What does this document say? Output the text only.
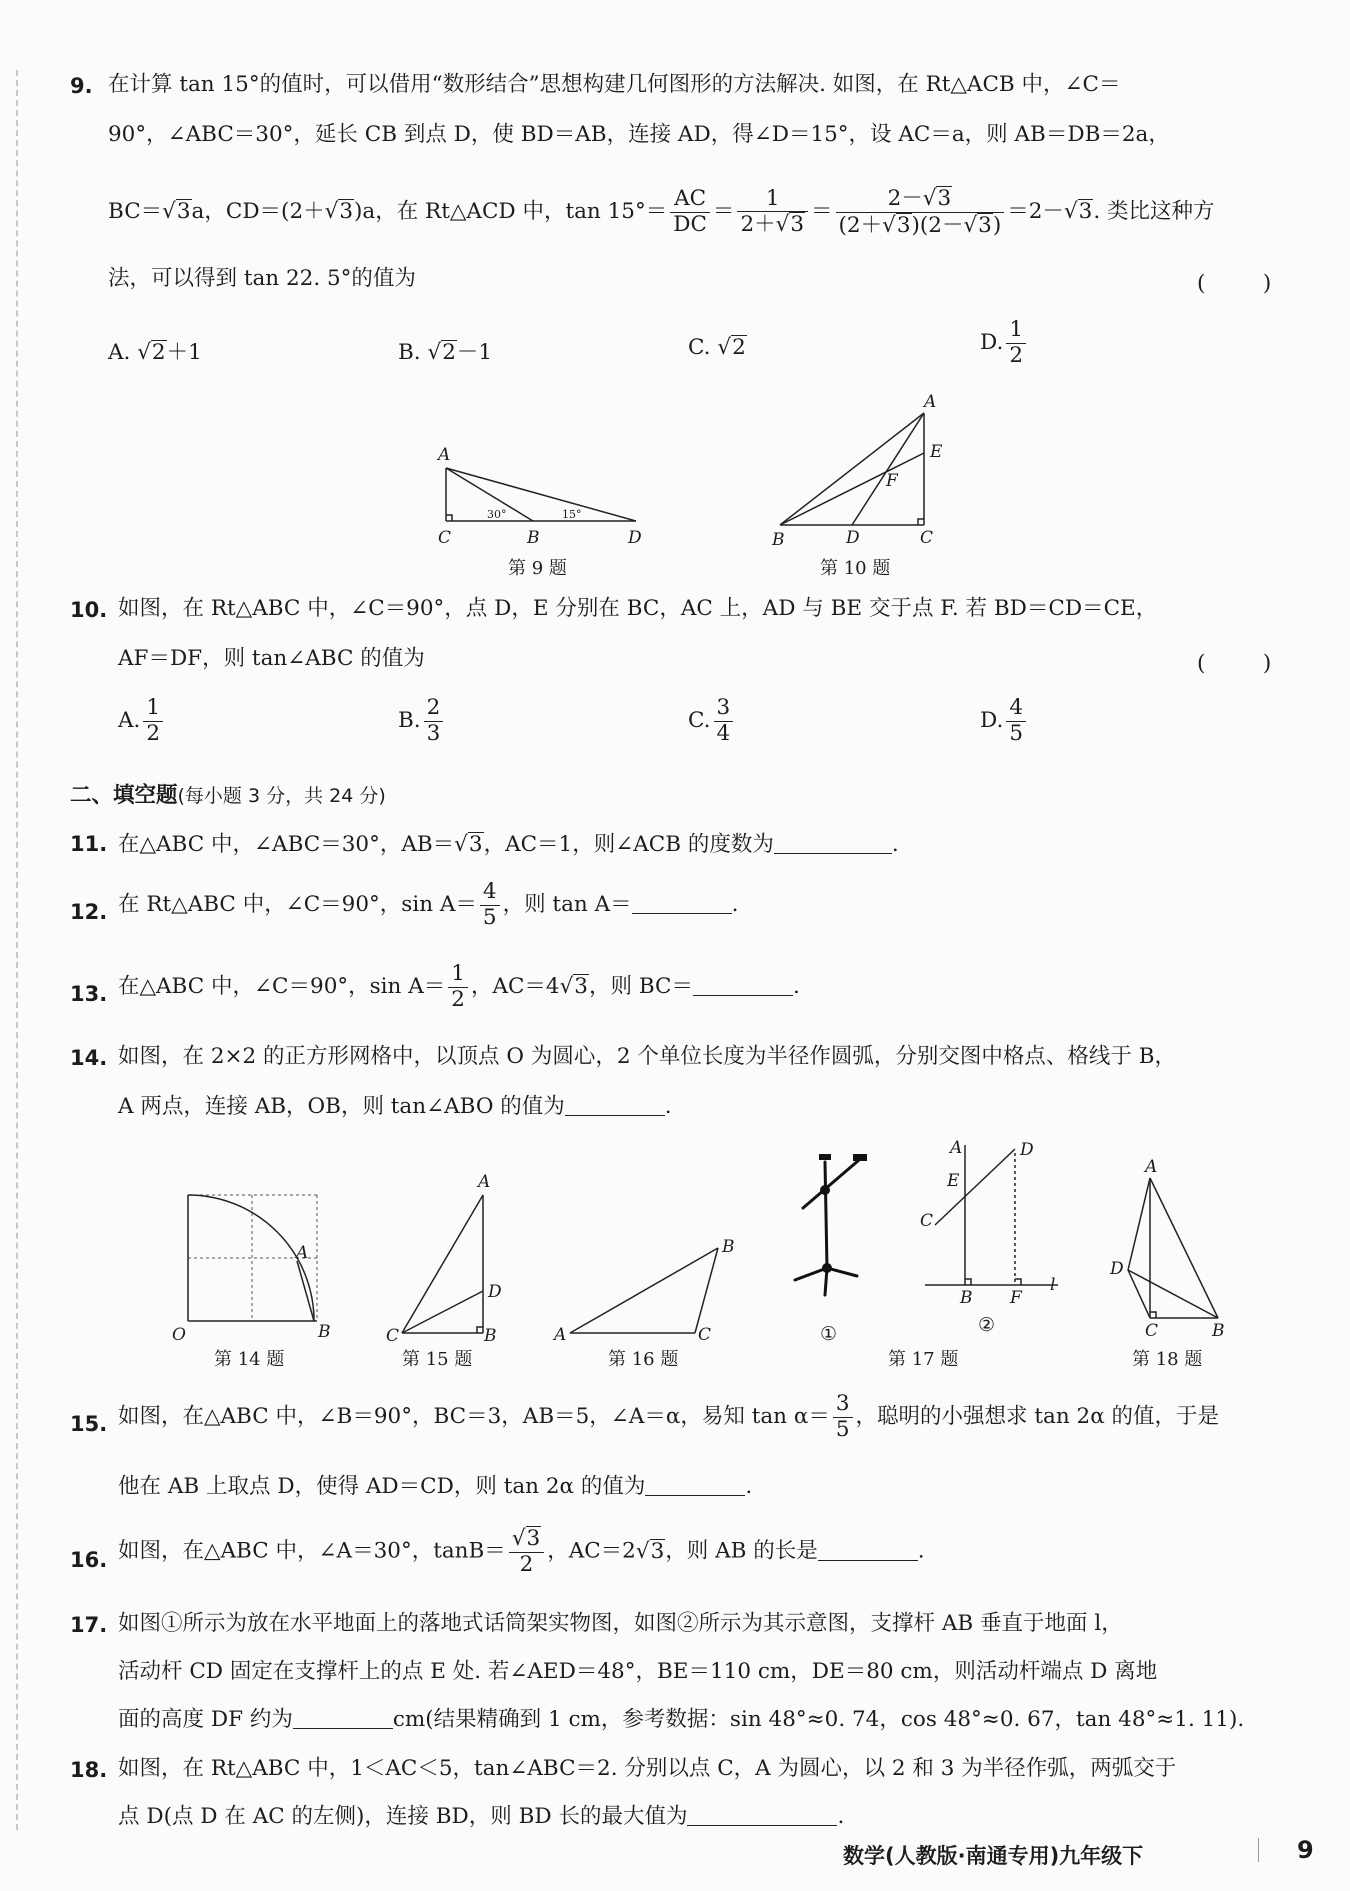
9. 在计算 tan 15°的值时，可以借用“数形结合”思想构建几何图形的方法解决. 如图，在 Rt△ACB 中，∠C＝
90°，∠ABC＝30°，延长 CB 到点 D，使 BD＝AB，连接 AD，得∠D＝15°，设 AC＝a，则 AB＝DB＝2a，
BC＝√3a，CD＝(2＋√3)a，在 Rt△ACD 中，$\tan 15^\circ= \frac{AC}{DC} = \frac{1}{2+√3} = \frac{2-√3}{(2+√3)(2-√3)} =2-√3$. 类比这种方
法，可以得到 tan 22. 5°的值为	(　)
A. √2＋1	B. √2－1	C. √2	D. $\frac{1}{2}$
A
C	B	D
30°	15°
第 9 题
A
E
F
B	D	C
第 10 题
10. 如图，在 Rt△ABC 中，∠C＝90°，点 D，E 分别在 BC，AC 上，AD 与 BE 交于点 F. 若 BD＝CD＝CE，
AF＝DF，则 tan∠ABC 的值为	(　)
A. $\frac{1}{2}$	B. $\frac{2}{3}$	C. $\frac{3}{4}$	D. $\frac{4}{5}$
二、填空题(每小题 3 分，共 24 分)
11. 在△ABC 中，∠ABC＝30°，AB＝√3，AC＝1，则∠ACB 的度数为	.
12. 在 Rt△ABC 中，∠C＝90°，$\sin A= \frac{4}{5}$ ，则 tan A＝	.
13. 在△ABC 中，∠C＝90°，$\sin A= \frac{1}{2}$ ，AC＝4√3，则 BC＝	.
14. 如图，在 2×2 的正方形网格中，以顶点 O 为圆心，2 个单位长度为半径作圆弧，分别交图中格点、格线于 B，
A 两点，连接 AB，OB，则 tan∠ABO 的值为	.
O
A
B
第 14 题
A
D
C	B
第 15 题
A
B
C
第 16 题
①
A	D
E
C
B F
l
②
第 17 题
A
D
C	B
第 18 题
15. 如图，在△ABC 中，∠B＝90°，BC＝3，AB＝5，∠A＝α，易知 $\tan \alpha= \frac{3}{5}$ ，聪明的小强想求 tan 2α 的值，于是
他在 AB 上取点 D，使得 AD＝CD，则 tan 2α 的值为	.
16. 如图，在△ABC 中，∠A＝30°，$\tan B= \frac{√3}{2}$ ，AC＝2√3，则 AB 的长是	.
17. 如图①所示为放在水平地面上的落地式话筒架实物图，如图②所示为其示意图，支撑杆 AB 垂直于地面 l，
活动杆 CD 固定在支撑杆上的点 E 处. 若∠AED＝48°，BE＝110 cm，DE＝80 cm，则活动杆端点 D 离地
面的高度 DF 约为	cm(结果精确到 1 cm，参考数据：sin 48°≈0. 74，cos 48°≈0. 67，tan 48°≈1. 11).
18. 如图，在 Rt△ABC 中，1＜AC＜5，tan∠ABC＝2. 分别以点 C，A 为圆心，以 2 和 3 为半径作弧，两弧交于
点 D(点 D 在 AC 的左侧)，连接 BD，则 BD 长的最大值为	.
数学(人教版·南通专用)九年级下	9
